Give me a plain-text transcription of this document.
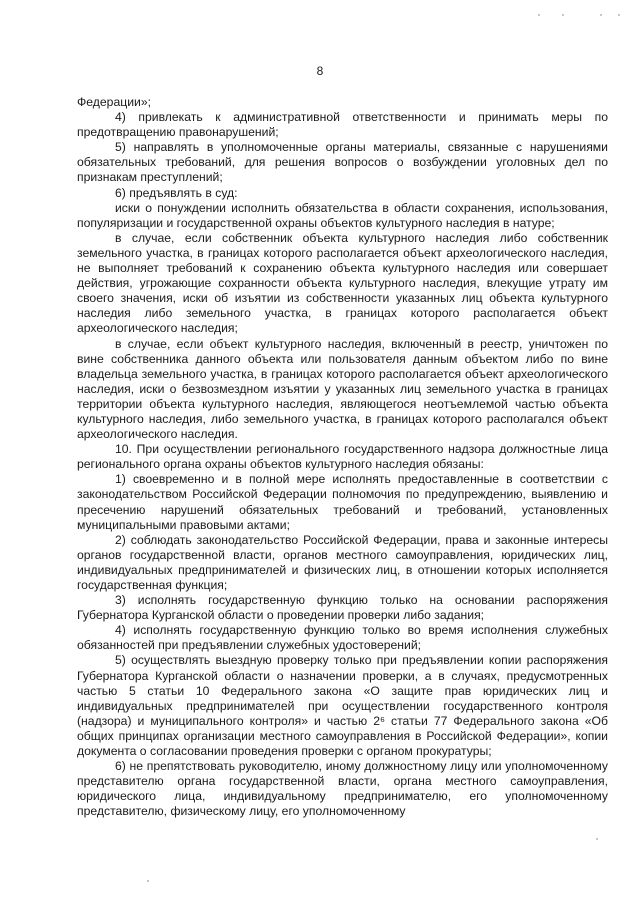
8

Федерации»;

4) привлекать к административной ответственности и принимать меры по предотвращению правонарушений;

5) направлять в уполномоченные органы материалы, связанные с нарушениями обязательных требований, для решения вопросов о возбуждении уголовных дел по признакам преступлений;

6) предъявлять в суд:

иски о понуждении исполнить обязательства в области сохранения, использования, популяризации и государственной охраны объектов культурного наследия в натуре;

в случае, если собственник объекта культурного наследия либо собственник земельного участка, в границах которого располагается объект археологического наследия, не выполняет требований к сохранению объекта культурного наследия или совершает действия, угрожающие сохранности объекта культурного наследия, влекущие утрату им своего значения, иски об изъятии из собственности указанных лиц объекта культурного наследия либо земельного участка, в границах которого располагается объект археологического наследия;

в случае, если объект культурного наследия, включенный в реестр, уничтожен по вине собственника данного объекта или пользователя данным объектом либо по вине владельца земельного участка, в границах которого располагается объект археологического наследия, иски о безвозмездном изъятии у указанных лиц земельного участка в границах территории объекта культурного наследия, являющегося неотъемлемой частью объекта культурного наследия, либо земельного участка, в границах которого располагался объект археологического наследия.

10. При осуществлении регионального государственного надзора должностные лица регионального органа охраны объектов культурного наследия обязаны:

1) своевременно и в полной мере исполнять предоставленные в соответствии с законодательством Российской Федерации полномочия по предупреждению, выявлению и пресечению нарушений обязательных требований и требований, установленных муниципальными правовыми актами;

2) соблюдать законодательство Российской Федерации, права и законные интересы органов государственной власти, органов местного самоуправления, юридических лиц, индивидуальных предпринимателей и физических лиц, в отношении которых исполняется государственная функция;

3) исполнять государственную функцию только на основании распоряжения Губернатора Курганской области о проведении проверки либо задания;

4) исполнять государственную функцию только во время исполнения служебных обязанностей при предъявлении служебных удостоверений;

5) осуществлять выездную проверку только при предъявлении копии распоряжения Губернатора Курганской области о назначении проверки, а в случаях, предусмотренных частью 5 статьи 10 Федерального закона «О защите прав юридических лиц и индивидуальных предпринимателей при осуществлении государственного контроля (надзора) и муниципального контроля» и частью 2⁶ статьи 77 Федерального закона «Об общих принципах организации местного самоуправления в Российской Федерации», копии документа о согласовании проведения проверки с органом прокуратуры;

6) не препятствовать руководителю, иному должностному лицу или уполномоченному представителю органа государственной власти, органа местного самоуправления, юридического лица, индивидуальному предпринимателю, его уполномоченному представителю, физическому лицу, его уполномоченному
